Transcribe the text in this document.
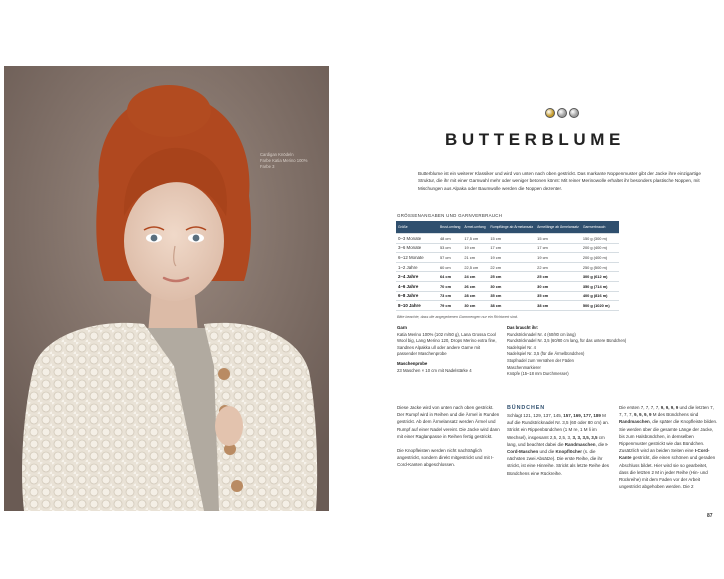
Cardigan Knödeln
Farbe Katia Merino 100%
Farbe 3
BUTTERBLUME
Butterblume ist ein weiterer Klassiker und wird von unten nach oben gestrickt. Das markante Noppenmuster gibt der Jacke ihre einzigartige Struktur, die ihr mit einer Garnwahl mehr oder weniger betonen könnt: Mit reiner Merinowolle erhaltet ihr besonders plastische Noppen, mit Mischungen aus Alpaka oder Baumwolle werden die Noppen dezenter.
GRÖSSENANGABEN UND GARNVERBRAUCH
Größe	Brust-umfang	Ärmel-umfang	Rumpflänge ab Ärmelansatz	Ärmellänge ab Ärmelansatz	Garnverbrauch
0–3 Monate	48 cm	17,5 cm	15 cm	15 cm	150 g (300 m)
3–6 Monate	53 cm	19 cm	17 cm	17 cm	200 g (400 m)
6–12 Monate	57 cm	21 cm	19 cm	19 cm	200 g (400 m)
1–2 Jahre	60 cm	22,5 cm	22 cm	22 cm	250 g (500 m)
2–4 Jahre	64 cm	24 cm	25 cm	25 cm	300 g (612 m)
4–6 Jahre	70 cm	26 cm	30 cm	30 cm	350 g (714 m)
6–8 Jahre	73 cm	28 cm	35 cm	35 cm	400 g (816 m)
8–10 Jahre	79 cm	30 cm	38 cm	38 cm	500 g (1020 m)
Bitte beachte, dass die angegebenen Garnmengen nur ein Richtwert sind.
Garn
Katia Merino 100% (102 m/50 g), Lana Grossa Cool Wool big, Lang Merino 120, Drops Merino extra fine, Sandnes Alpakka ull oder andere Garne mit passender Maschenprobe
Maschenprobe
23 Maschen × 10 cm mit Nadelstärke 4
Das braucht ihr:
Rundstricknadel Nr. 4 (60/80 cm lang)
Rundstricknadel Nr. 3,5 (60/80 cm lang, für das untere Bündchen)
Nadelspiel Nr. 4
Nadelspiel Nr. 3,5 (für die Ärmelbündchen)
Stopfnadel zum Vernähen der Fäden
Maschenmarkierer
Knöpfe (15–18 mm Durchmesser)

Diese Jacke wird von unten nach oben gestrickt. Der Rumpf wird in Reihen und die Ärmel in Runden gestrickt. Ab dem Ärmelansatz werden Ärmel und Rumpf auf einer Nadel vereint. Die Jacke wird dann mit einer Raglanpasse in Reihen fertig gestrickt.

Die Knopfleisten werden nicht nachträglich angestrickt, sondern direkt mitgestrickt und mit I-Cord-Kanten abgeschlossen.

BÜNDCHEN

Schlagt 121, 129, 137, 145, 157, 169, 177, 189 M auf die Rundstricknadel Nr. 3,5 (60 oder 80 cm) an. Strickt ein Rippenbündchen (1 M re, 1 M li im Wechsel), insgesamt 2,5, 2,5, 3, 3, 3, 3,5, 3,5 cm lang, und beachtet dabei die Randmaschen, die I-Cord-Maschen und die Knopflöcher (s. die nächsten zwei Absätze). Die erste Reihe, die ihr strickt, ist eine Hinreihe. Strickt als letzte Reihe des Bündchens eine Rückreihe.

Die ersten 7, 7, 7, 7, 9, 9, 9, 9 und die letzten 7, 7, 7, 7, 9, 9, 9, 9 M des Bündchens sind Randmaschen, die später die Knopfleiste bilden. Sie werden über die gesamte Länge der Jacke, bis zum Halsbündchen, in demselben Rippenmuster gestrickt wie das Bündchen. Zusätzlich wird an beiden Seiten eine I-Cord-Kante gestrickt, die einen schönen und geraden Abschluss bildet. Hier wird sie so gearbeitet, dass die letzten 2 M in jeder Reihe (Hin- und Rückreihe) mit dem Faden vor der Arbeit ungestrickt abgehoben werden. Die 2

87
